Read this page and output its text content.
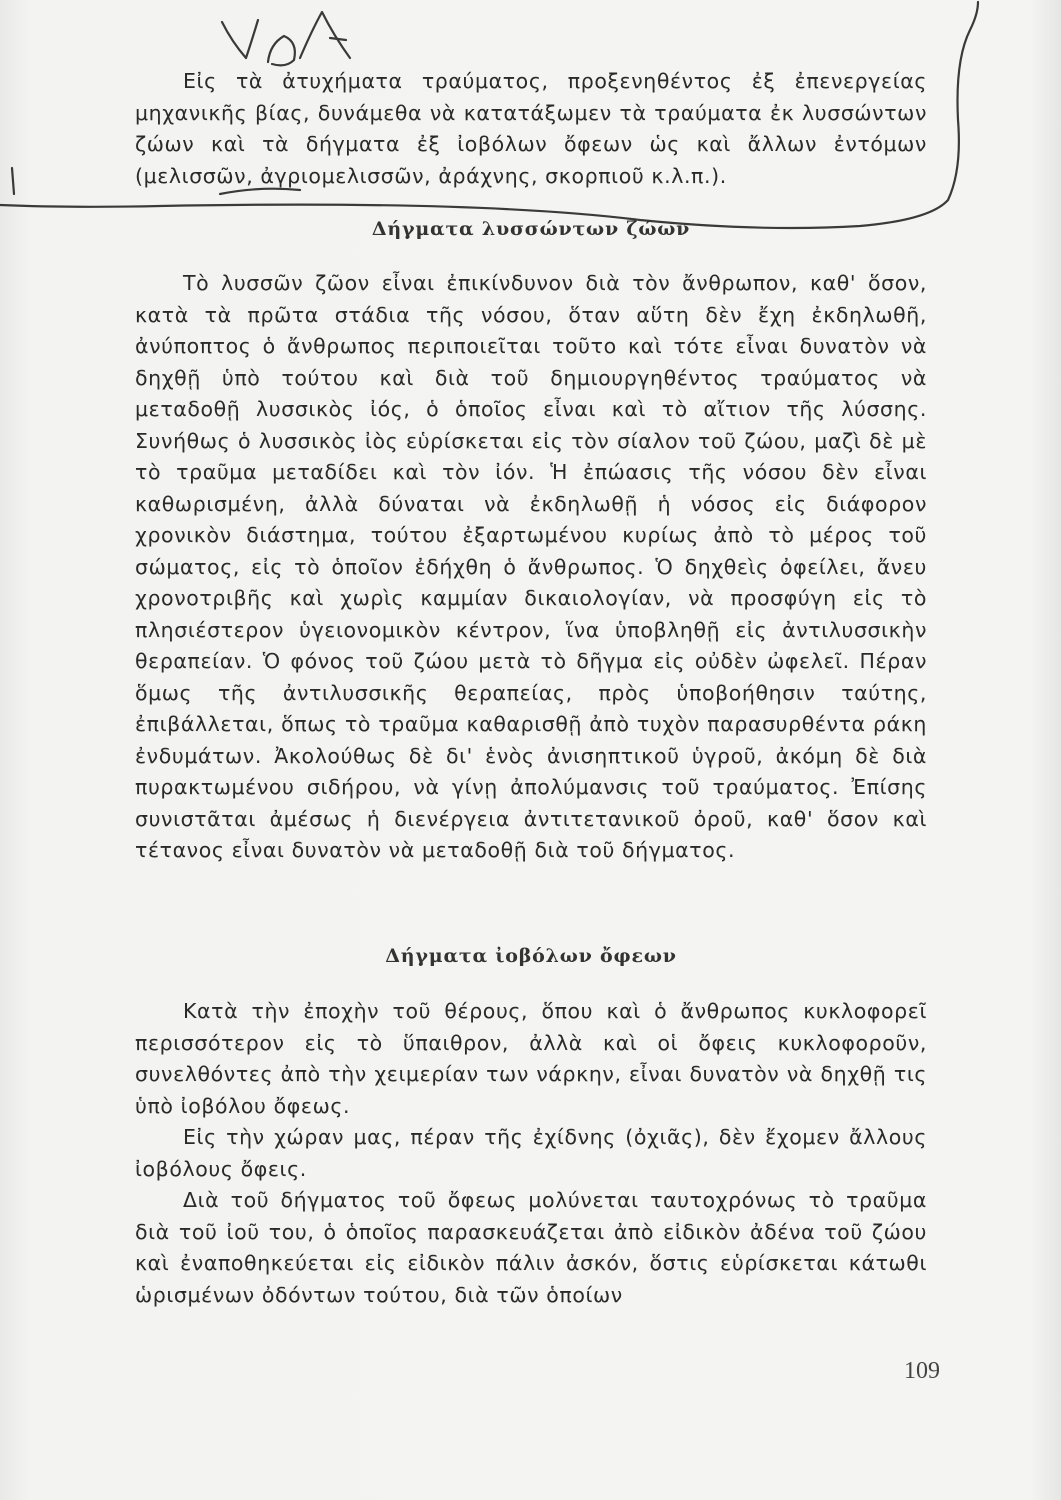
Εἰς τὰ ἀτυχήματα τραύματος, προξενηθέντος ἐξ ἐπενεργείας μηχανικῆς βίας, δυνάμεθα νὰ κατατάξωμεν τὰ τραύματα ἐκ λυσσώντων ζώων καὶ τὰ δήγματα ἐξ ἰοβόλων ὄφεων ὡς καὶ ἄλλων ἐντόμων (μελισσῶν, ἀγριομελισσῶν, ἀράχνης, σκορπιοῦ κ.λ.π.).

Δήγματα λυσσώντων ζώων

Τὸ λυσσῶν ζῶον εἶναι ἐπικίνδυνον διὰ τὸν ἄνθρωπον, καθ' ὅσον, κατὰ τὰ πρῶτα στάδια τῆς νόσου, ὅταν αὕτη δὲν ἔχη ἐκδηλωθῆ, ἀνύποπτος ὁ ἄνθρωπος περιποιεῖται τοῦτο καὶ τότε εἶναι δυνατὸν νὰ δηχθῇ ὑπὸ τούτου καὶ διὰ τοῦ δημιουργηθέντος τραύματος νὰ μεταδοθῇ λυσσικὸς ἰός, ὁ ὁποῖος εἶναι καὶ τὸ αἴτιον τῆς λύσσης. Συνήθως ὁ λυσσικὸς ἰὸς εὑρίσκεται εἰς τὸν σίαλον τοῦ ζώου, μαζὶ δὲ μὲ τὸ τραῦμα μεταδίδει καὶ τὸν ἰόν. Ἡ ἐπώασις τῆς νόσου δὲν εἶναι καθωρισμένη, ἀλλὰ δύναται νὰ ἐκδηλωθῇ ἡ νόσος εἰς διάφορον χρονικὸν διάστημα, τούτου ἐξαρτωμένου κυρίως ἀπὸ τὸ μέρος τοῦ σώματος, εἰς τὸ ὁποῖον ἐδήχθη ὁ ἄνθρωπος. Ὁ δηχθεὶς ὀφείλει, ἄνευ χρονοτριβῆς καὶ χωρὶς καμμίαν δικαιολογίαν, νὰ προσφύγη εἰς τὸ πλησιέστερον ὑγειονομικὸν κέντρον, ἵνα ὑποβληθῇ εἰς ἀντιλυσσικὴν θεραπείαν. Ὁ φόνος τοῦ ζώου μετὰ τὸ δῆγμα εἰς οὐδὲν ὠφελεῖ. Πέραν ὅμως τῆς ἀντιλυσσικῆς θεραπείας, πρὸς ὑποβοήθησιν ταύτης, ἐπιβάλλεται, ὅπως τὸ τραῦμα καθαρισθῇ ἀπὸ τυχὸν παρασυρθέντα ράκη ἐνδυμάτων. Ἀκολούθως δὲ δι' ἑνὸς ἀνισηπτικοῦ ὑγροῦ, ἀκόμη δὲ διὰ πυρακτωμένου σιδήρου, νὰ γίνῃ ἀπολύμανσις τοῦ τραύματος. Ἐπίσης συνιστᾶται ἀμέσως ἡ διενέργεια ἀντιτετανικοῦ ὀροῦ, καθ' ὅσον καὶ τέτανος εἶναι δυνατὸν νὰ μεταδοθῇ διὰ τοῦ δήγματος.

Δήγματα ἰοβόλων ὄφεων

Κατὰ τὴν ἐποχὴν τοῦ θέρους, ὅπου καὶ ὁ ἄνθρωπος κυκλοφορεῖ περισσότερον εἰς τὸ ὕπαιθρον, ἀλλὰ καὶ οἱ ὄφεις κυκλοφοροῦν, συνελθόντες ἀπὸ τὴν χειμερίαν των νάρκην, εἶναι δυνατὸν νὰ δηχθῇ τις ὑπὸ ἰοβόλου ὄφεως.

Εἰς τὴν χώραν μας, πέραν τῆς ἐχίδνης (ὀχιᾶς), δὲν ἔχομεν ἄλλους ἰοβόλους ὄφεις.

Διὰ τοῦ δήγματος τοῦ ὄφεως μολύνεται ταυτοχρόνως τὸ τραῦμα διὰ τοῦ ἰοῦ του, ὁ ὁποῖος παρασκευάζεται ἀπὸ εἰδικὸν ἀδένα τοῦ ζώου καὶ ἐναποθηκεύεται εἰς εἰδικὸν πάλιν ἀσκόν, ὅστις εὑρίσκεται κάτωθι ὡρισμένων ὀδόντων τούτου, διὰ τῶν ὁποίων

109
